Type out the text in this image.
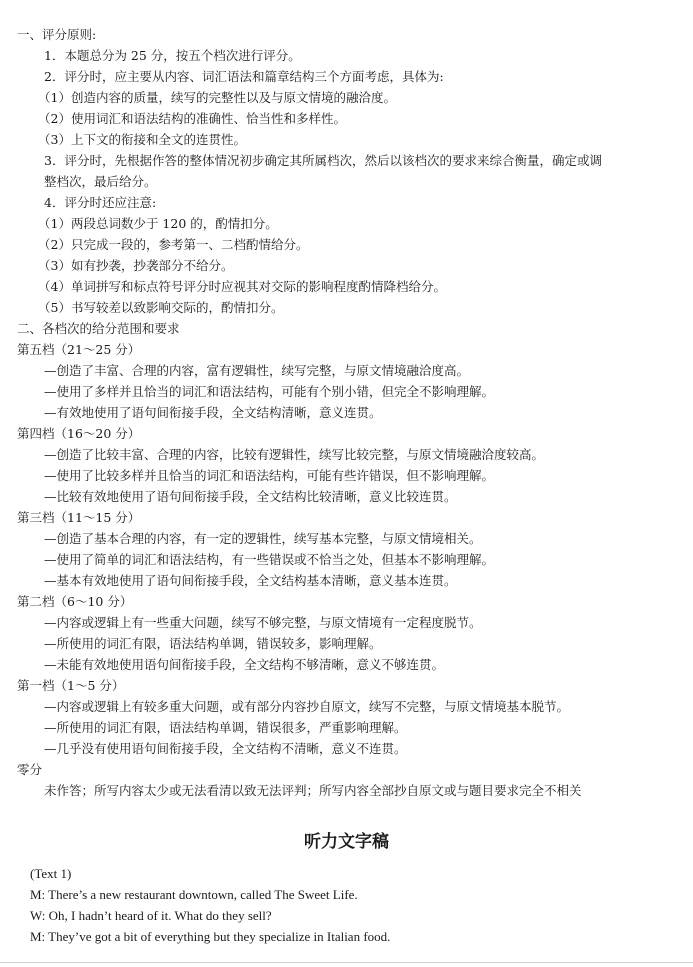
一、评分原则:
1．本题总分为 25 分，按五个档次进行评分。
2．评分时，应主要从内容、词汇语法和篇章结构三个方面考虑，具体为:
（1）创造内容的质量，续写的完整性以及与原文情境的融洽度。
（2）使用词汇和语法结构的准确性、恰当性和多样性。
（3）上下文的衔接和全文的连贯性。
3．评分时，先根据作答的整体情况初步确定其所属档次，然后以该档次的要求来综合衡量，确定或调
整档次，最后给分。
4．评分时还应注意:
（1）两段总词数少于 120 的，酌情扣分。
（2）只完成一段的，参考第一、二档酌情给分。
（3）如有抄袭，抄袭部分不给分。
（4）单词拼写和标点符号评分时应视其对交际的影响程度酌情降档给分。
（5）书写较差以致影响交际的，酌情扣分。
二、各档次的给分范围和要求
第五档（21～25 分）
—创造了丰富、合理的内容，富有逻辑性，续写完整，与原文情境融洽度高。
—使用了多样并且恰当的词汇和语法结构，可能有个别小错，但完全不影响理解。
—有效地使用了语句间衔接手段，全文结构清晰，意义连贯。
第四档（16～20 分）
—创造了比较丰富、合理的内容，比较有逻辑性，续写比较完整，与原文情境融洽度较高。
—使用了比较多样并且恰当的词汇和语法结构，可能有些许错误，但不影响理解。
—比较有效地使用了语句间衔接手段，全文结构比较清晰，意义比较连贯。
第三档（11～15 分）
—创造了基本合理的内容，有一定的逻辑性，续写基本完整，与原文情境相关。
—使用了简单的词汇和语法结构，有一些错误或不恰当之处，但基本不影响理解。
—基本有效地使用了语句间衔接手段，全文结构基本清晰，意义基本连贯。
第二档（6～10 分）
—内容或逻辑上有一些重大问题，续写不够完整，与原文情境有一定程度脱节。
—所使用的词汇有限，语法结构单调，错误较多，影响理解。
—未能有效地使用语句间衔接手段，全文结构不够清晰，意义不够连贯。
第一档（1～5 分）
—内容或逻辑上有较多重大问题，或有部分内容抄自原文，续写不完整，与原文情境基本脱节。
—所使用的词汇有限，语法结构单调，错误很多，严重影响理解。
—几乎没有使用语句间衔接手段，全文结构不清晰，意义不连贯。
零分
未作答；所写内容太少或无法看清以致无法评判；所写内容全部抄自原文或与题目要求完全不相关
听力文字稿
(Text 1)
M: There’s a new restaurant downtown, called The Sweet Life.
W: Oh, I hadn’t heard of it. What do they sell?
M: They’ve got a bit of everything but they specialize in Italian food.
